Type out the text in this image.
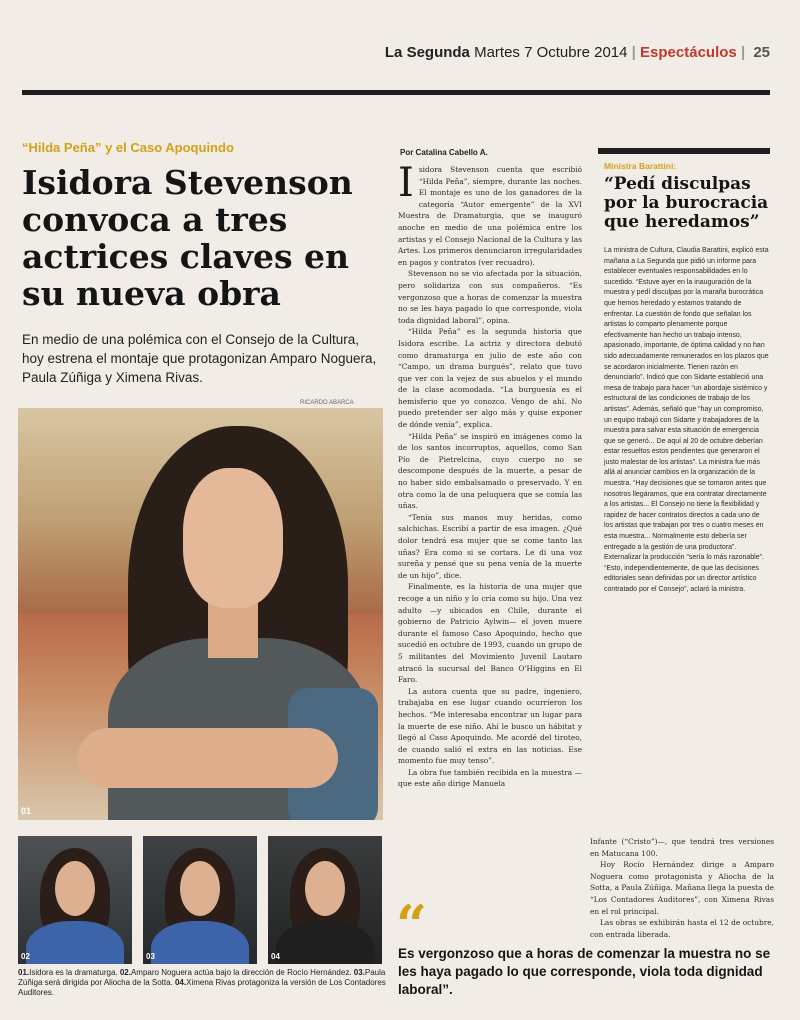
La Segunda Martes 7 Octubre 2014 | Espectáculos | 25
“Hilda Peña” y el Caso Apoquindo
Isidora Stevenson convoca a tres actrices claves en su nueva obra
En medio de una polémica con el Consejo de la Cultura, hoy estrena el montaje que protagonizan Amparo Noguera, Paula Zúñiga y Ximena Rivas.
RICARDO ABARCA
01
02	03	04
01.Isidora es la dramaturga. 02.Amparo Noguera actúa bajo la dirección de Rocío Hernández. 03.Paula Zúñiga será dirigida por Aliocha de la Sotta. 04.Ximena Rivas protagoniza la versión de Los Contadores Auditores.
Por Catalina Cabello A.

Isidora Stevenson cuenta que escribió “Hilda Peña”, siempre, durante las noches. El montaje es uno de los ganadores de la categoría “Autor emergente” de la XVI Muestra de Dramaturgia, que se inauguró anoche en medio de una polémica entre los artistas y el Consejo Nacional de la Cultura y las Artes. Los primeros denunciaron irregularidades en pagos y contratos (ver recuadro).

Stevenson no se vio afectada por la situación, pero solidariza con sus compañeros. “Es vergonzoso que a horas de comenzar la muestra no se les haya pagado lo que corresponde, viola toda dignidad laboral”, opina.

“Hilda Peña” es la segunda historia que Isidora escribe. La actriz y directora debutó como dramaturga en julio de este año con “Campo, un drama burgués”, relato que tuvo que ver con la vejez de sus abuelos y el mundo de la clase acomodada. “La burguesía es el hemisferio que yo conozco. Vengo de ahí. No puedo pretender ser algo más y quise exponer de dónde venía”, explica.

“Hilda Peña” se inspiró en imágenes como la de los santos incorruptos, aquellos, como San Pío de Pietrelcina, cuyo cuerpo no se descompone después de la muerte, a pesar de no haber sido embalsamado o preservado. Y en otra como la de una peluquera que se comía las uñas.

“Tenía sus manos muy heridas, como salchichas. Escribí a partir de esa imagen. ¿Qué dolor tendrá esa mujer que se come tanto las uñas? Era como si se cortara. Le di una voz sureña y pensé que su pena venía de la muerte de un hijo”, dice.

Finalmente, es la historia de una mujer que recoge a un niño y lo cría como su hijo. Una vez adulto —y ubicados en Chile, durante el gobierno de Patricio Aylwin— el joven muere durante el famoso Caso Apoquindo, hecho que sucedió en octubre de 1993, cuando un grupo de 5 militantes del Movimiento Juvenil Lautaro atracó la sucursal del Banco O'Higgins en El Faro.

La autora cuenta que su padre, ingeniero, trabajaba en ese lugar cuando ocurrieron los hechos. “Me interesaba encontrar un lugar para la muerte de ese niño. Ahí le busco un hábitat y llegó al Caso Apoquindo. Me acordé del tiroteo, de cuando salió el extra en las noticias. Ese momento fue muy tenso”.

La obra fue también recibida en la muestra —que este año dirige Manuela

Infante (“Cristo”)—, que tendrá tres versiones en Matucana 100.

Hoy Rocío Hernández dirige a Amparo Noguera como protagonista y Aliocha de la Sotta, a Paula Zúñiga. Mañana llega la puesta de “Los Contadores Auditores”, con Ximena Rivas en el rol principal.

Las obras se exhibirán hasta el 12 de octubre, con entrada liberada.

Ministra Barattini:
“Pedí disculpas por la burocracia que heredamos”
La ministra de Cultura, Claudia Barattini, explicó esta mañana a La Segunda que pidió un informe para establecer eventuales responsabilidades en lo sucedido. “Estuve ayer en la inauguración de la muestra y pedí disculpas por la maraña burocrática que hemos heredado y estamos tratando de enfrentar. La cuestión de fondo que señalan los artistas lo comparto plenamente porque efectivamente han hecho un trabajo intenso, apasionado, importante, de óptima calidad y no han sido adecuadamente remunerados en los plazos que se acordaron inicialmente. Tienen razón en denunciarlo”. Indicó que con Sidarte estableció una mesa de trabajo para hacer “un abordaje sistémico y estructural de las condiciones de trabajo de los artistas”. Además, señaló que “hay un compromiso, un equipo trabajó con Sidarte y trabajadores de la muestra para salvar esta situación de emergencia que se generó... De aquí al 20 de octubre deberían estar resueltos estos pendientes que generaron el justo malestar de los artistas”. La ministra fue más allá al anunciar cambios en la organización de la muestra. “Hay decisiones que se tomaron antes que nosotros llegáramos, que era contratar directamente a los artistas... El Consejo no tiene la flexibilidad y rapidez de hacer contratos directos a cada uno de los artistas que trabajan por tres o cuatro meses en esta muestra... Normalmente esto debería ser entregado a la gestión de una productora”. Externalizar la producción “sería lo más razonable”. “Esto, independientemente, de que las decisiones editoriales sean definidas por un director artístico contratado por el Consejo”, aclaró la ministra.
“
Es vergonzoso que a horas de comenzar la muestra no se les haya pagado lo que corresponde, viola toda dignidad laboral”.
